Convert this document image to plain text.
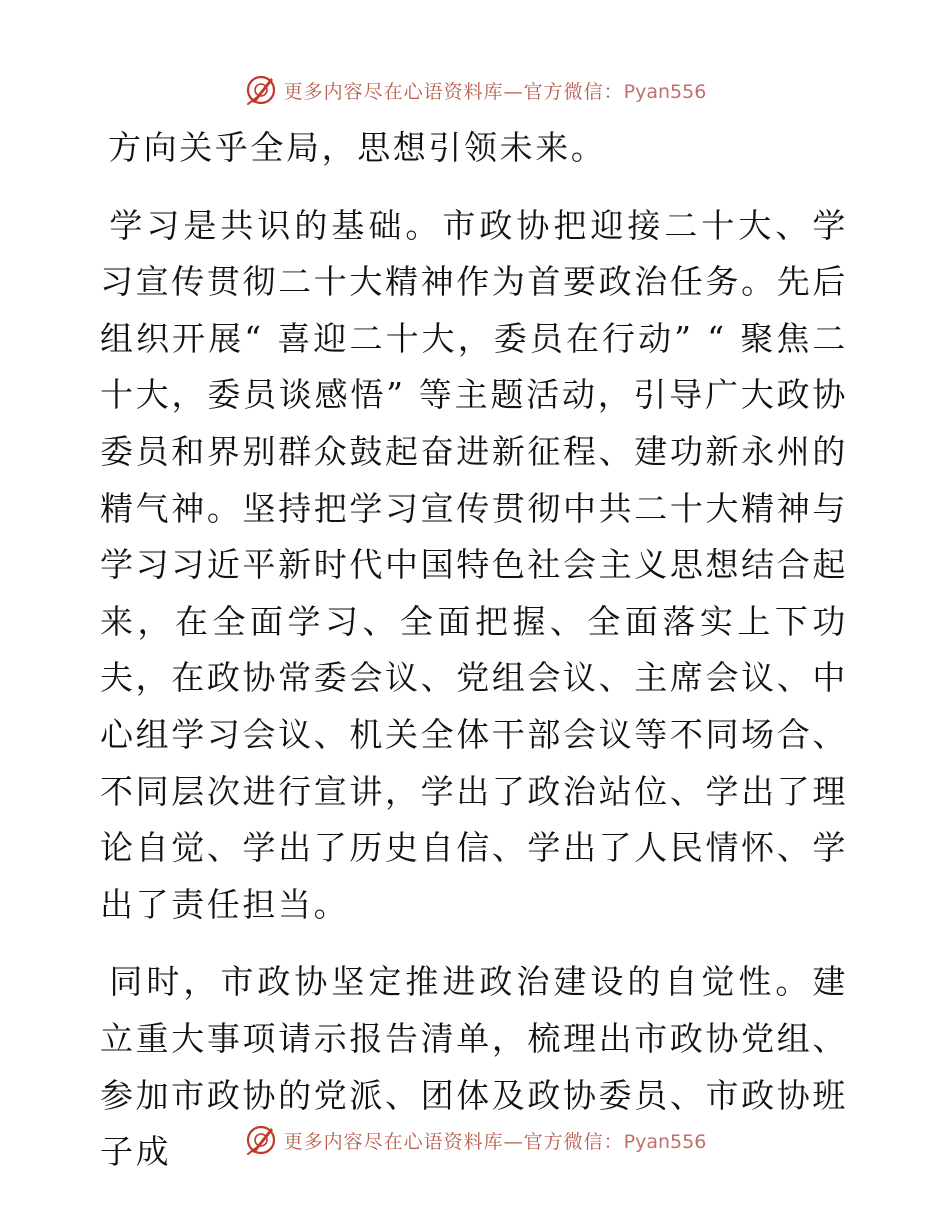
更多内容尽在心语资料库—官方微信：Pyan556

方向关乎全局，思想引领未来。

学习是共识的基础。市政协把迎接二十大、学习宣传贯彻二十大精神作为首要政治任务。先后组织开展“ 喜迎二十大，委员在行动” “ 聚焦二十大，委员谈感悟” 等主题活动，引导广大政协委员和界别群众鼓起奋进新征程、建功新永州的精气神。坚持把学习宣传贯彻中共二十大精神与学习习近平新时代中国特色社会主义思想结合起来，在全面学习、全面把握、全面落实上下功夫，在政协常委会议、党组会议、主席会议、中心组学习会议、机关全体干部会议等不同场合、不同层次进行宣讲，学出了政治站位、学出了理论自觉、学出了历史自信、学出了人民情怀、学出了责任担当。

同时，市政协坚定推进政治建设的自觉性。建立重大事项请示报告清单，梳理出市政协党组、参加市政协的党派、团体及政协委员、市政协班子成	更多内容尽在心语资料库—官方微信：Pyan556
